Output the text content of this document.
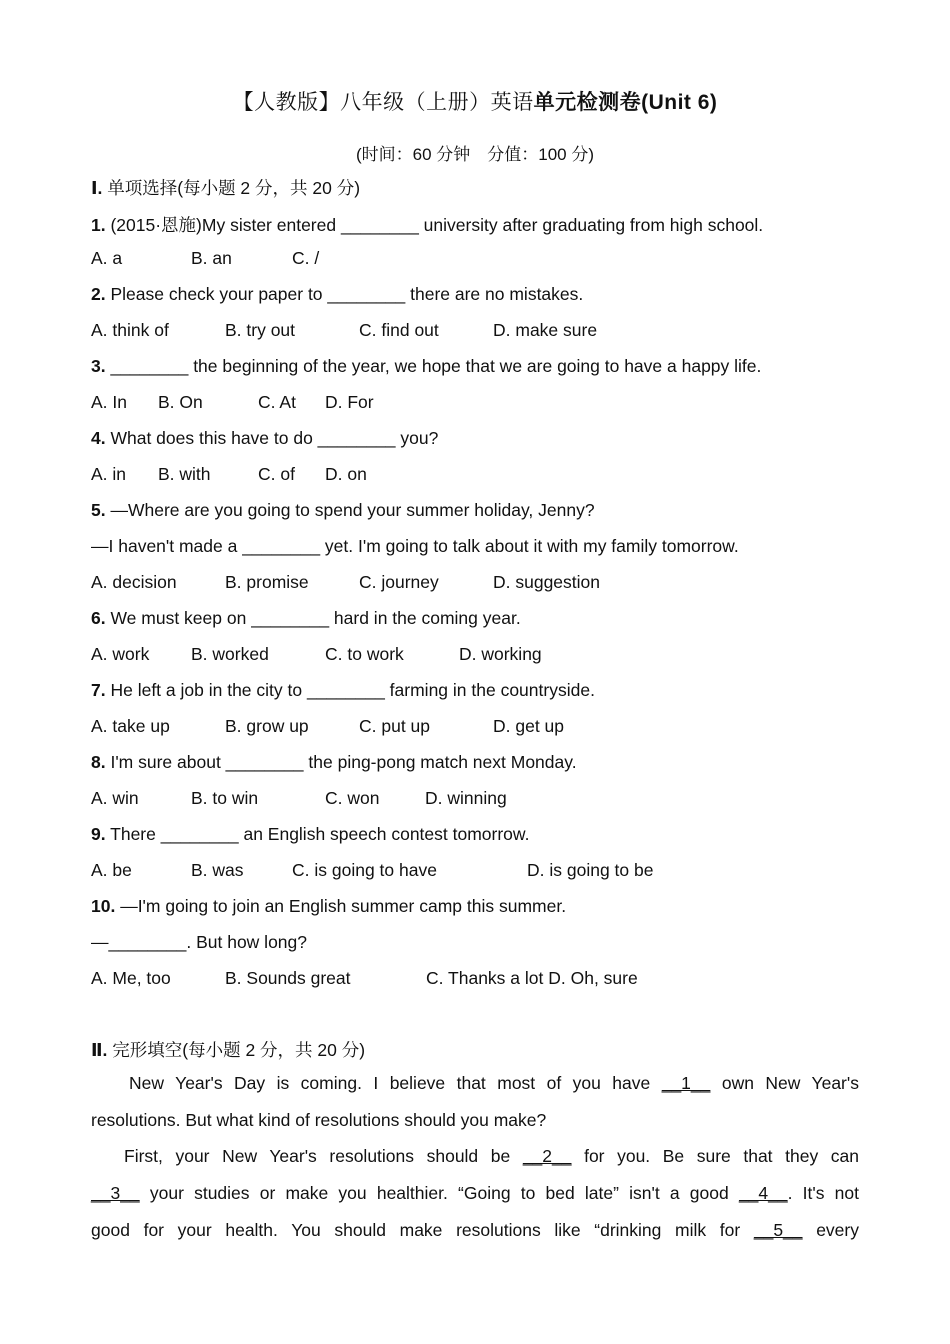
【人教版】八年级（上册）英语单元检测卷(Unit 6)
(时间：60 分钟　分值：100 分)
Ⅰ. 单项选择(每小题 2 分，共 20 分)
1. (2015·恩施)My sister entered ________ university after graduating from high school.
A. a	B. an	C. /
2. Please check your paper to ________ there are no mistakes.
A. think of	B. try out	C. find out	D. make sure
3. ________ the beginning of the year, we hope that we are going to have a happy life.
A. In B. On	C. At D. For
4. What does this have to do ________ you?
A. in B. with	C. of D. on
5. —Where are you going to spend your summer holiday, Jenny?
—I haven't made a ________ yet. I'm going to talk about it with my family tomorrow.
A. decision	B. promise	C. journey	D. suggestion
6. We must keep on ________ hard in the coming year.
A. work B. worked	C. to work	D. working
7. He left a job in the city to ________ farming in the countryside.
A. take up	B. grow up	C. put up	D. get up
8. I'm sure about ________ the ping-pong match next Monday.
A. win	B. to win	C. won	D. winning
9. There ________ an English speech contest tomorrow.
A. be	B. was	C. is going to have	D. is going to be
10. —I'm going to join an English summer camp this summer.
—________. But how long?
A. Me, too	B. Sounds great	C. Thanks a lot D. Oh, sure
Ⅱ. 完形填空(每小题 2 分，共 20 分)
New Year's Day is coming. I believe that most of you have __1__ own New Year's
resolutions. But what kind of resolutions should you make?
First, your New Year's resolutions should be __2__ for you. Be sure that they can
__3__ your studies or make you healthier. “Going to bed late” isn't a good __4__. It's not
good for your health. You should make resolutions like “drinking milk for __5__ every
